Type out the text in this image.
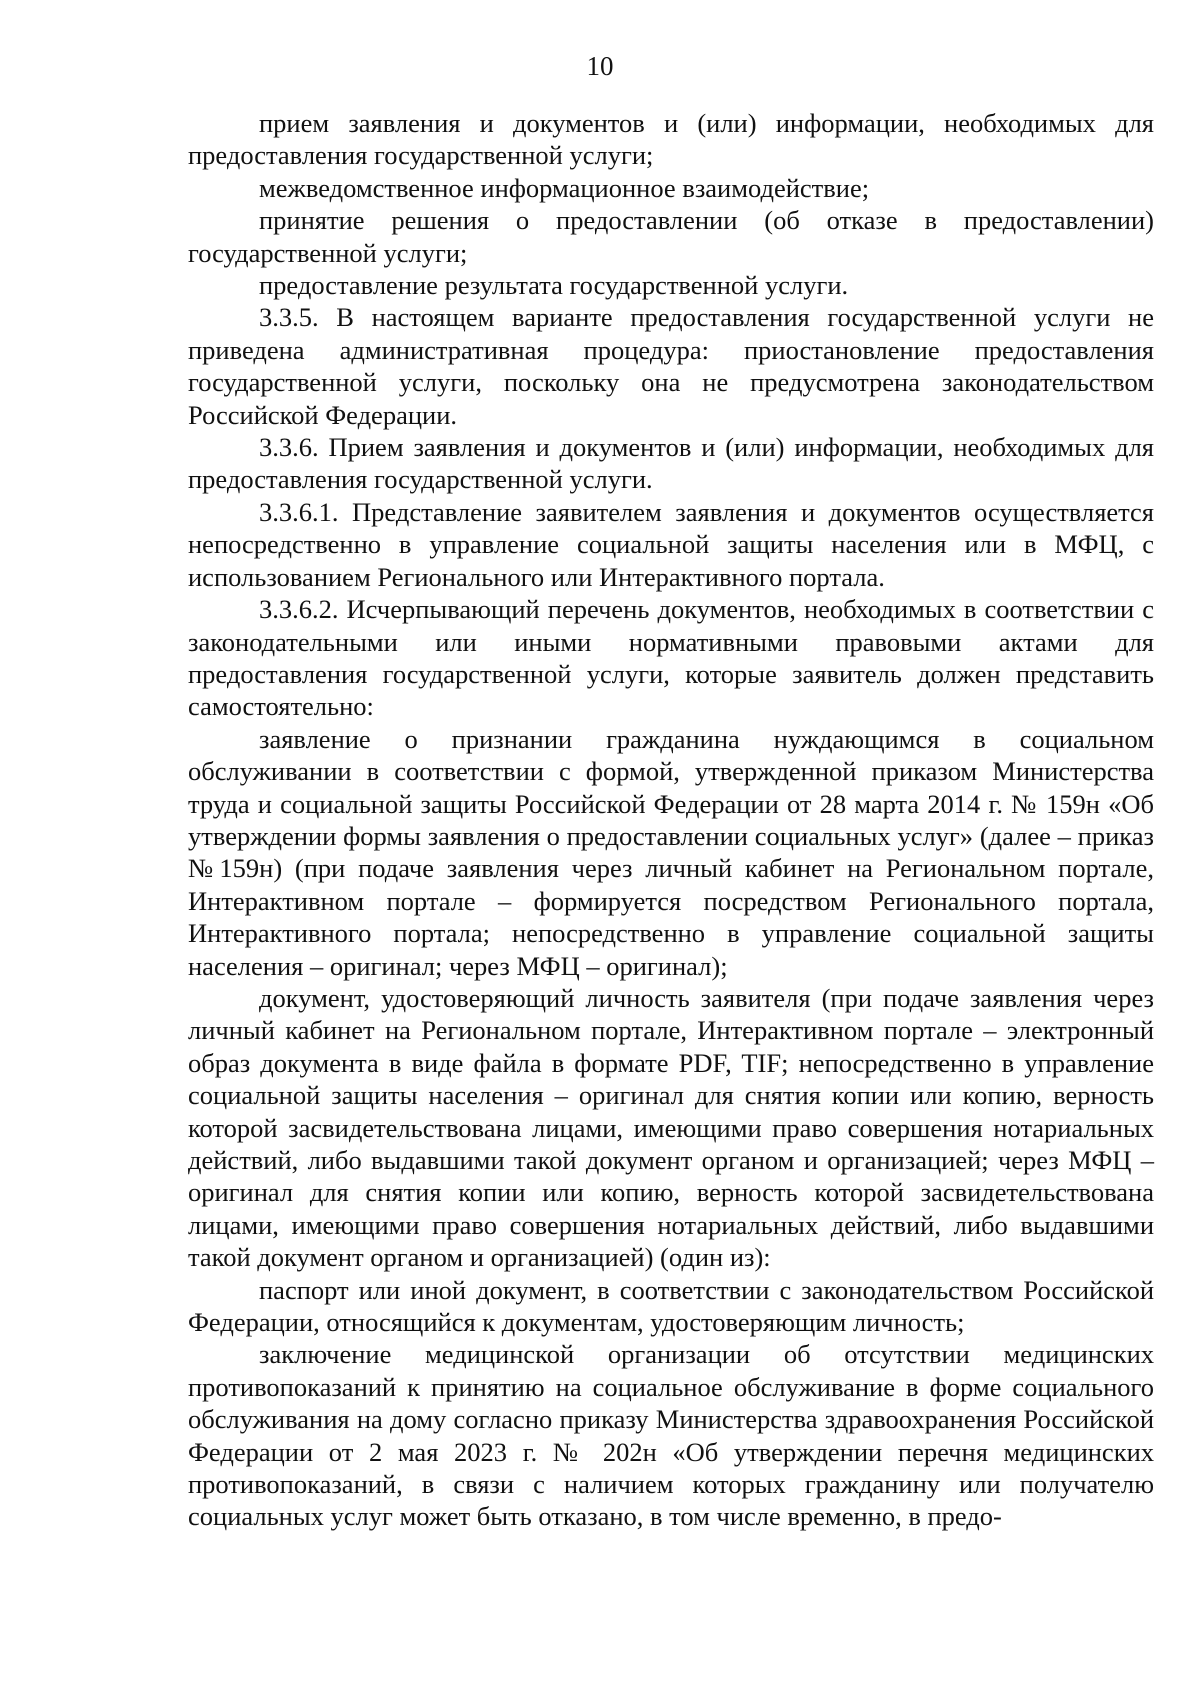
10

прием заявления и документов и (или) информации, необходимых для предоставления государственной услуги;

межведомственное информационное взаимодействие;

принятие решения о предоставлении (об отказе в предоставлении) государственной услуги;

предоставление результата государственной услуги.

3.3.5. В настоящем варианте предоставления государственной услуги не приведена административная процедура: приостановление предоставления государственной услуги, поскольку она не предусмотрена законодательством Российской Федерации.

3.3.6. Прием заявления и документов и (или) информации, необходимых для предоставления государственной услуги.

3.3.6.1. Представление заявителем заявления и документов осуществляется непосредственно в управление социальной защиты населения или в МФЦ, с использованием Регионального или Интерактивного портала.

3.3.6.2. Исчерпывающий перечень документов, необходимых в соответствии с законодательными или иными нормативными правовыми актами для предоставления государственной услуги, которые заявитель должен представить самостоятельно:

заявление о признании гражданина нуждающимся в социальном обслуживании в соответствии с формой, утвержденной приказом Министерства труда и социальной защиты Российской Федерации от 28 марта 2014 г. № 159н «Об утверждении формы заявления о предоставлении социальных услуг» (далее – приказ №159н) (при подаче заявления через личный кабинет на Региональном портале, Интерактивном портале – формируется посредством Регионального портала, Интерактивного портала; непосредственно в управление социальной защиты населения – оригинал; через МФЦ – оригинал);

документ, удостоверяющий личность заявителя (при подаче заявления через личный кабинет на Региональном портале, Интерактивном портале – электронный образ документа в виде файла в формате PDF, TIF; непосредственно в управление социальной защиты населения – оригинал для снятия копии или копию, верность которой засвидетельствована лицами, имеющими право совершения нотариальных действий, либо выдавшими такой документ органом и организацией; через МФЦ – оригинал для снятия копии или копию, верность которой засвидетельствована лицами, имеющими право совершения нотариальных действий, либо выдавшими такой документ органом и организацией) (один из):

паспорт или иной документ, в соответствии с законодательством Российской Федерации, относящийся к документам, удостоверяющим личность;

заключение медицинской организации об отсутствии медицинских противопоказаний к принятию на социальное обслуживание в форме социального обслуживания на дому согласно приказу Министерства здравоохранения Российской Федерации от 2 мая 2023 г. № 202н «Об утверждении перечня медицинских противопоказаний, в связи с наличием которых гражданину или получателю социальных услуг может быть отказано, в том числе временно, в предо-
